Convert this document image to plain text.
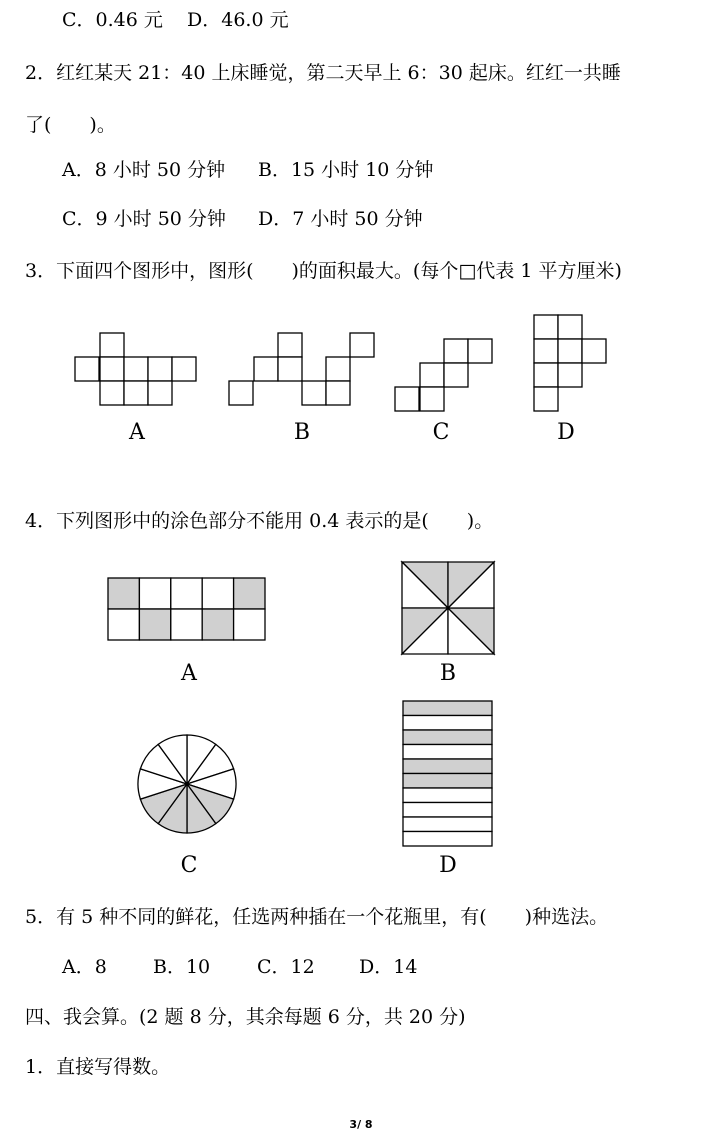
C．0.46 元 D．46.0 元
2．红红某天 21：40 上床睡觉，第二天早上 6：30 起床。红红一共睡
了(　　)。
A．8 小时 50 分钟 B．15 小时 10 分钟
C．9 小时 50 分钟 D．7 小时 50 分钟
3．下面四个图形中，图形(　　)的面积最大。(每个□代表 1 平方厘米)
A	B	C	D
4．下列图形中的涂色部分不能用 0.4 表示的是(　　)。
A	B
C	D
5．有 5 种不同的鲜花，任选两种插在一个花瓶里，有(　　)种选法。
A．8 B．10 C．12 D．14
四、我会算。(2 题 8 分，其余每题 6 分，共 20 分)
1．直接写得数。
3/ 8
